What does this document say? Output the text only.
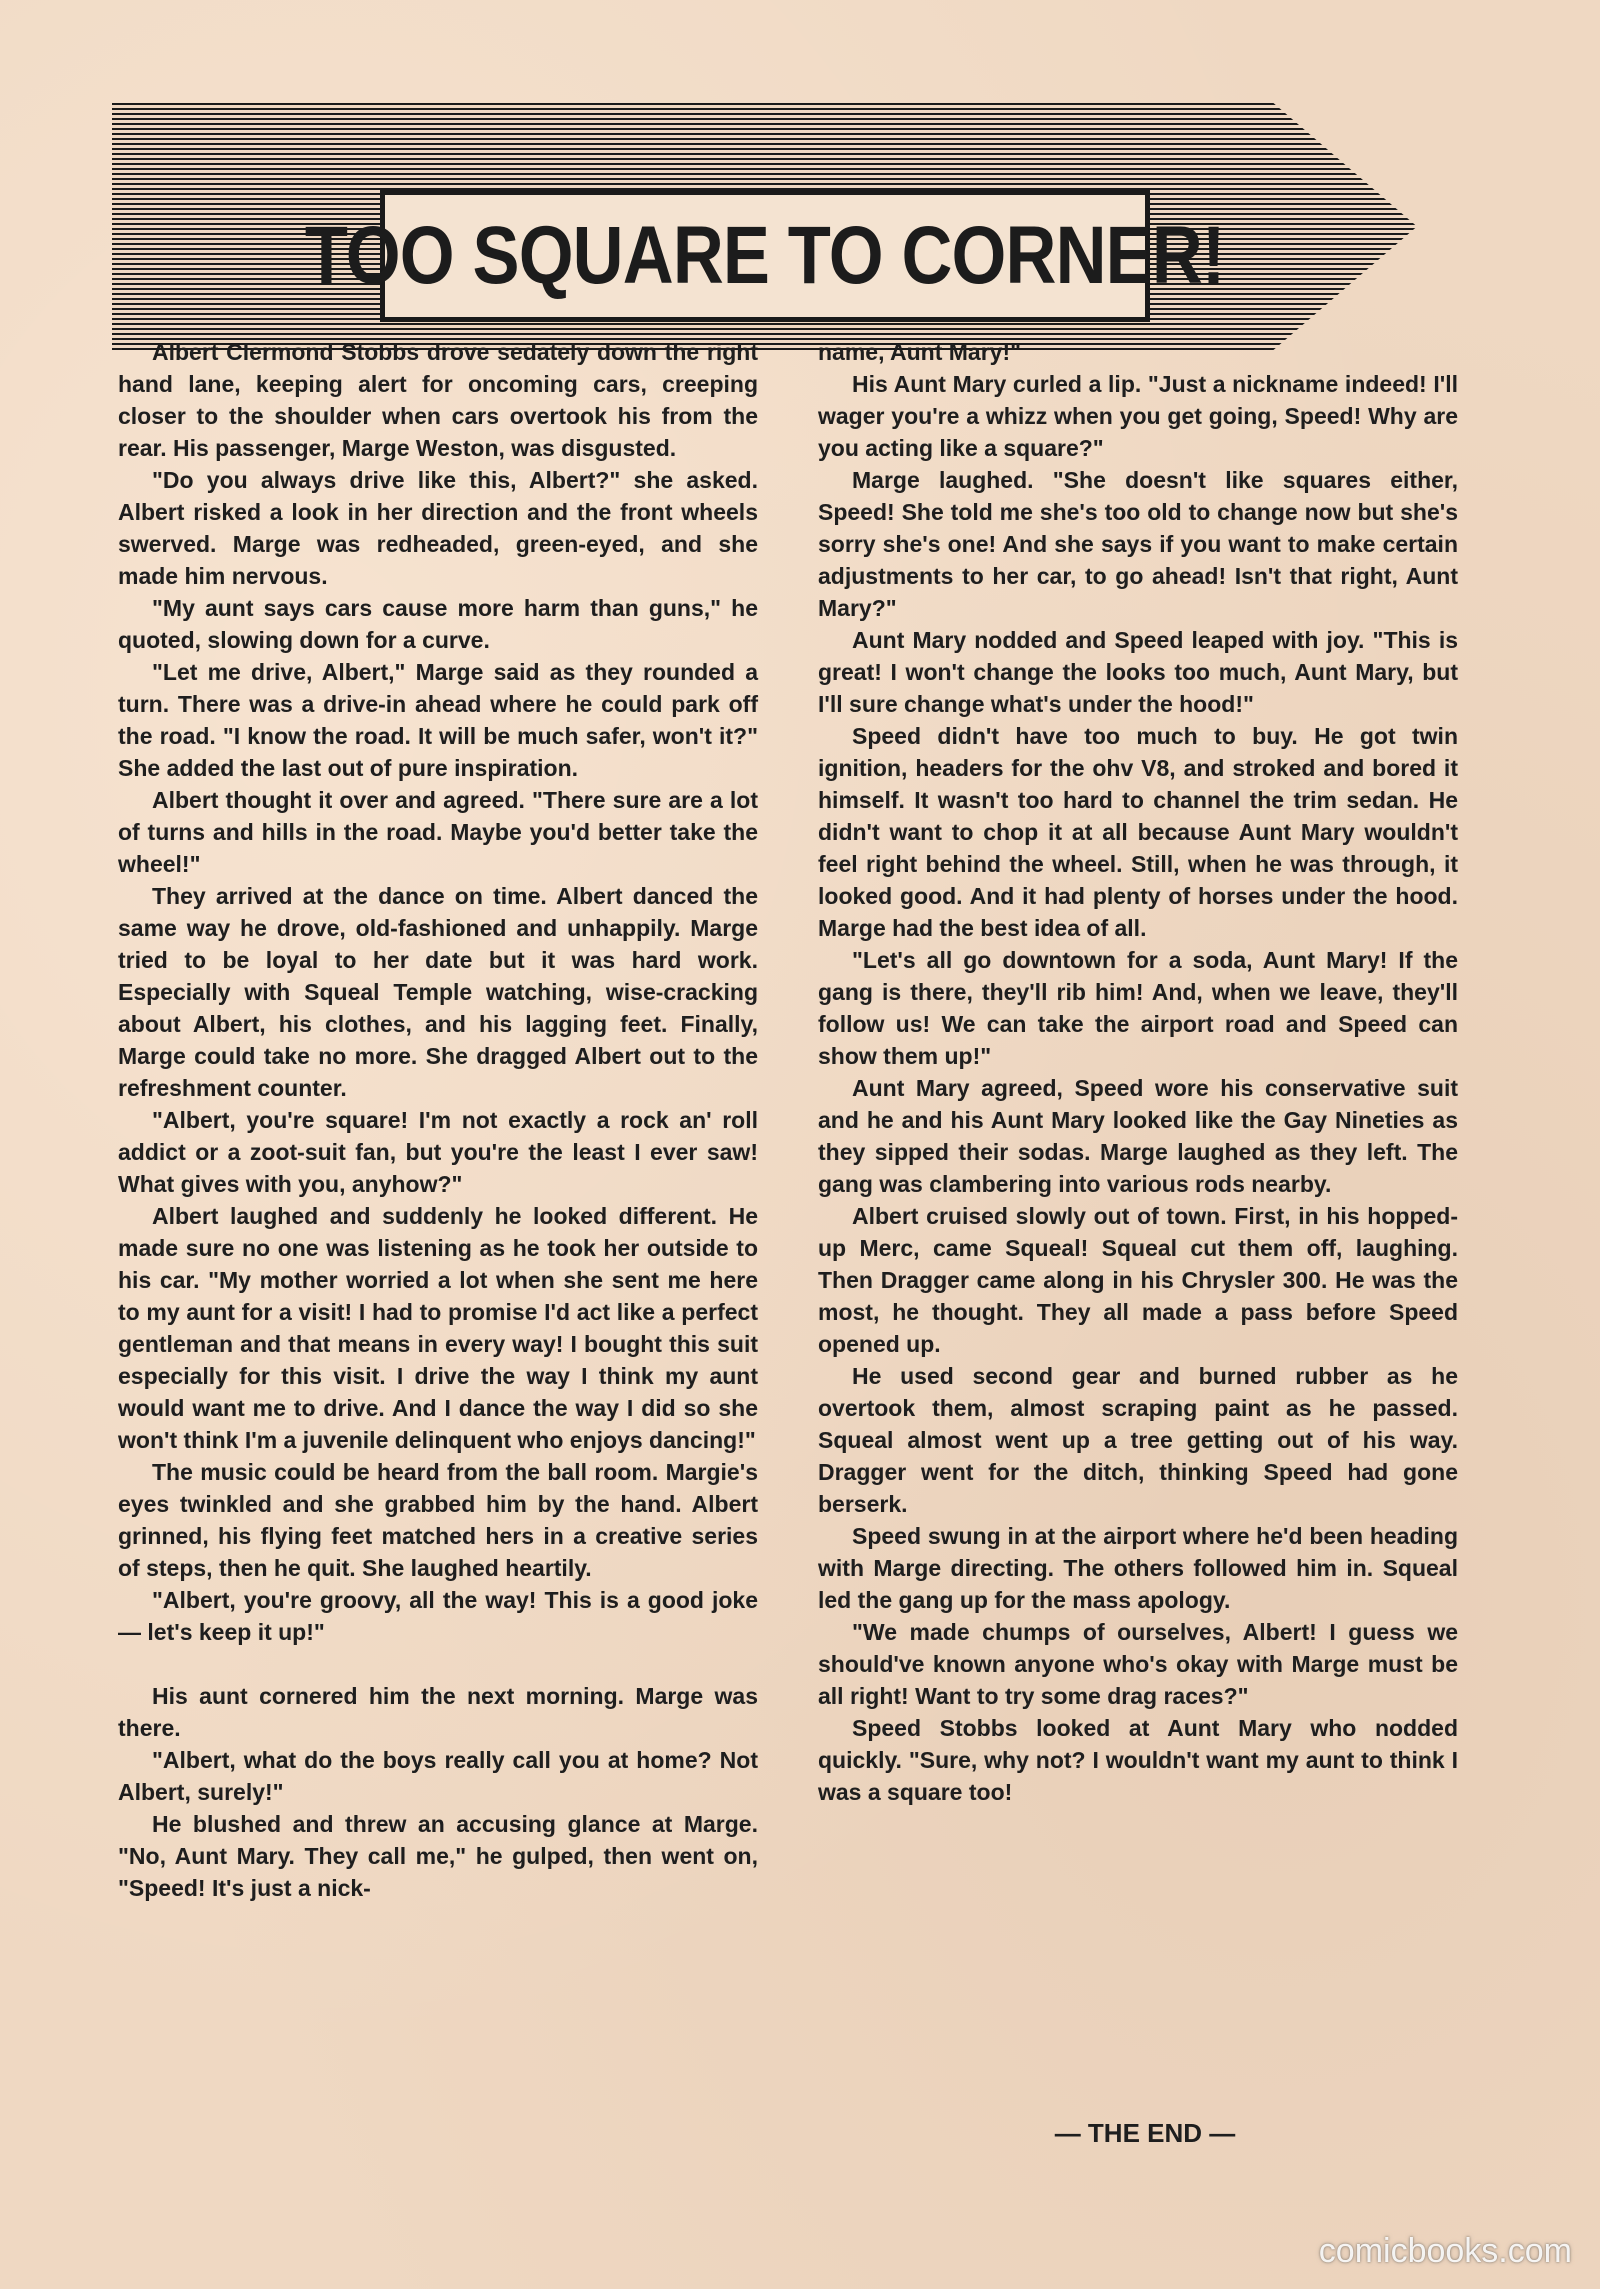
TOO SQUARE TO CORNER!

Albert Clermond Stobbs drove sedately down the right hand lane, keeping alert for oncoming cars, creeping closer to the shoulder when cars overtook his from the rear. His passenger, Marge Weston, was disgusted.

"Do you always drive like this, Albert?" she asked. Albert risked a look in her direction and the front wheels swerved. Marge was redheaded, green-eyed, and she made him nervous.

"My aunt says cars cause more harm than guns," he quoted, slowing down for a curve.

"Let me drive, Albert," Marge said as they rounded a turn. There was a drive-in ahead where he could park off the road. "I know the road. It will be much safer, won't it?" She added the last out of pure inspiration.

Albert thought it over and agreed. "There sure are a lot of turns and hills in the road. Maybe you'd better take the wheel!"

They arrived at the dance on time. Albert danced the same way he drove, old-fashioned and unhappily. Marge tried to be loyal to her date but it was hard work. Especially with Squeal Temple watching, wise-cracking about Albert, his clothes, and his lagging feet. Finally, Marge could take no more. She dragged Albert out to the refreshment counter.

"Albert, you're square! I'm not exactly a rock an' roll addict or a zoot-suit fan, but you're the least I ever saw! What gives with you, anyhow?"

Albert laughed and suddenly he looked different. He made sure no one was listening as he took her outside to his car. "My mother worried a lot when she sent me here to my aunt for a visit! I had to promise I'd act like a perfect gentleman and that means in every way! I bought this suit especially for this visit. I drive the way I think my aunt would want me to drive. And I dance the way I did so she won't think I'm a juvenile delinquent who enjoys dancing!"

The music could be heard from the ball room. Margie's eyes twinkled and she grabbed him by the hand. Albert grinned, his flying feet matched hers in a creative series of steps, then he quit. She laughed heartily.

"Albert, you're groovy, all the way! This is a good joke — let's keep it up!"

His aunt cornered him the next morning. Marge was there.

"Albert, what do the boys really call you at home? Not Albert, surely!"

He blushed and threw an accusing glance at Marge. "No, Aunt Mary. They call me," he gulped, then went on, "Speed! It's just a nick-

name, Aunt Mary!"

His Aunt Mary curled a lip. "Just a nickname indeed! I'll wager you're a whizz when you get going, Speed! Why are you acting like a square?"

Marge laughed. "She doesn't like squares either, Speed! She told me she's too old to change now but she's sorry she's one! And she says if you want to make certain adjustments to her car, to go ahead! Isn't that right, Aunt Mary?"

Aunt Mary nodded and Speed leaped with joy. "This is great! I won't change the looks too much, Aunt Mary, but I'll sure change what's under the hood!"

Speed didn't have too much to buy. He got twin ignition, headers for the ohv V8, and stroked and bored it himself. It wasn't too hard to channel the trim sedan. He didn't want to chop it at all because Aunt Mary wouldn't feel right behind the wheel. Still, when he was through, it looked good. And it had plenty of horses under the hood. Marge had the best idea of all.

"Let's all go downtown for a soda, Aunt Mary! If the gang is there, they'll rib him! And, when we leave, they'll follow us! We can take the airport road and Speed can show them up!"

Aunt Mary agreed, Speed wore his conservative suit and he and his Aunt Mary looked like the Gay Nineties as they sipped their sodas. Marge laughed as they left. The gang was clambering into various rods nearby.

Albert cruised slowly out of town. First, in his hopped-up Merc, came Squeal! Squeal cut them off, laughing. Then Dragger came along in his Chrysler 300. He was the most, he thought. They all made a pass before Speed opened up.

He used second gear and burned rubber as he overtook them, almost scraping paint as he passed. Squeal almost went up a tree getting out of his way. Dragger went for the ditch, thinking Speed had gone berserk.

Speed swung in at the airport where he'd been heading with Marge directing. The others followed him in. Squeal led the gang up for the mass apology.

"We made chumps of ourselves, Albert! I guess we should've known anyone who's okay with Marge must be all right! Want to try some drag races?"

Speed Stobbs looked at Aunt Mary who nodded quickly. "Sure, why not? I wouldn't want my aunt to think I was a square too!

— THE END —
comicbooks.com
